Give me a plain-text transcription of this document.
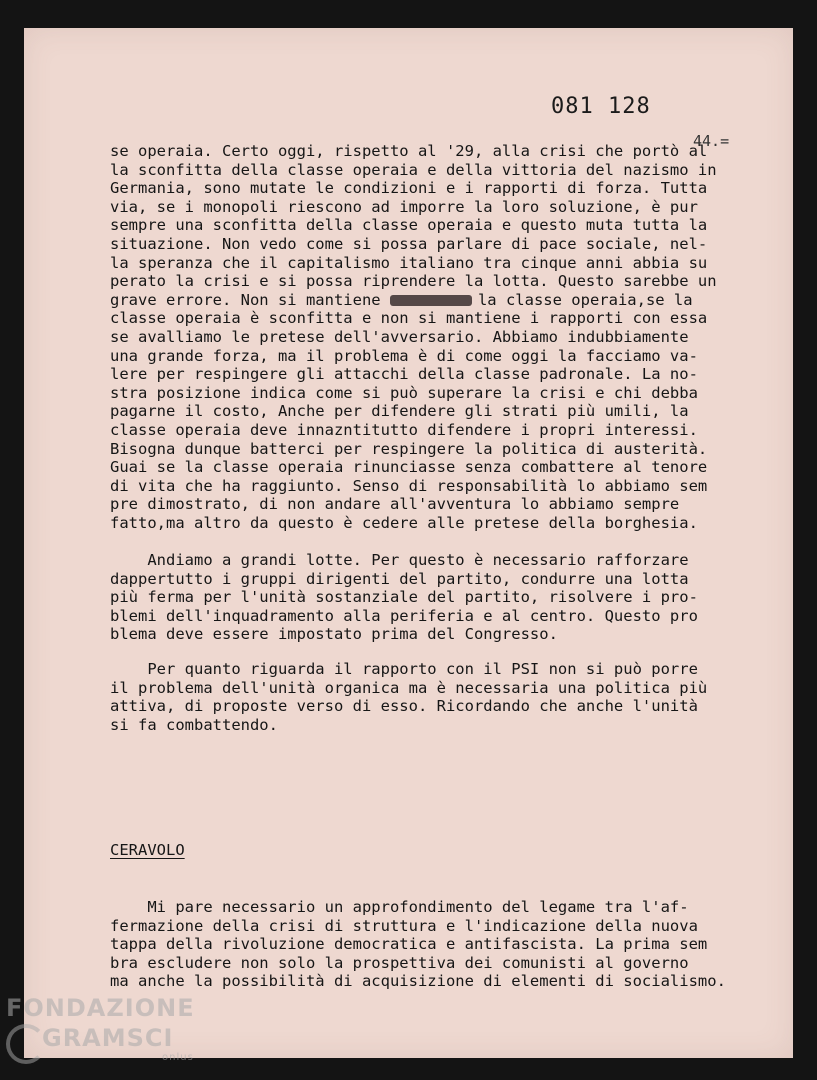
081 128
44.=
se operaia. Certo oggi, rispetto al '29, alla crisi che portò al
la sconfitta della classe operaia e della vittoria del nazismo in
Germania, sono mutate le condizioni e i rapporti di forza. Tutta
via, se i monopoli riescono ad imporre la loro soluzione, è pur
sempre una sconfitta della classe operaia e questo muta tutta la
situazione. Non vedo come si possa parlare di pace sociale, nel-
la speranza che il capitalismo italiano tra cinque anni abbia su
perato la crisi e si possa riprendere la lotta. Questo sarebbe un
grave errore. Non si mantiene	la classe operaia,se la
classe operaia è sconfitta e non si mantiene i rapporti con essa
se avalliamo le pretese dell'avversario. Abbiamo indubbiamente
una grande forza, ma il problema è di come oggi la facciamo va-
lere per respingere gli attacchi della classe padronale. La no-
stra posizione indica come si può superare la crisi e chi debba
pagarne il costo, Anche per difendere gli strati più umili, la
classe operaia deve innazntitutto difendere i propri interessi.
Bisogna dunque batterci per respingere la politica di austerità.
Guai se la classe operaia rinunciasse senza combattere al tenore
di vita che ha raggiunto. Senso di responsabilità lo abbiamo sem
pre dimostrato, di non andare all'avventura lo abbiamo sempre
fatto,ma altro da questo è cedere alle pretese della borghesia.
Andiamo a grandi lotte. Per questo è necessario rafforzare
dappertutto i gruppi dirigenti del partito, condurre una lotta
più ferma per l'unità sostanziale del partito, risolvere i pro-
blemi dell'inquadramento alla periferia e al centro. Questo pro
blema deve essere impostato prima del Congresso.
Per quanto riguarda il rapporto con il PSI non si può porre
il problema dell'unità organica ma è necessaria una politica più
attiva, di proposte verso di esso. Ricordando che anche l'unità
si fa combattendo.
CERAVOLO
Mi pare necessario un approfondimento del legame tra l'af-
fermazione della crisi di struttura e l'indicazione della nuova
tappa della rivoluzione democratica e antifascista. La prima sem
bra escludere non solo la prospettiva dei comunisti al governo
ma anche la possibilità di acquisizione di elementi di socialismo.
FONDAZIONE
GRAMSCI
onlus
